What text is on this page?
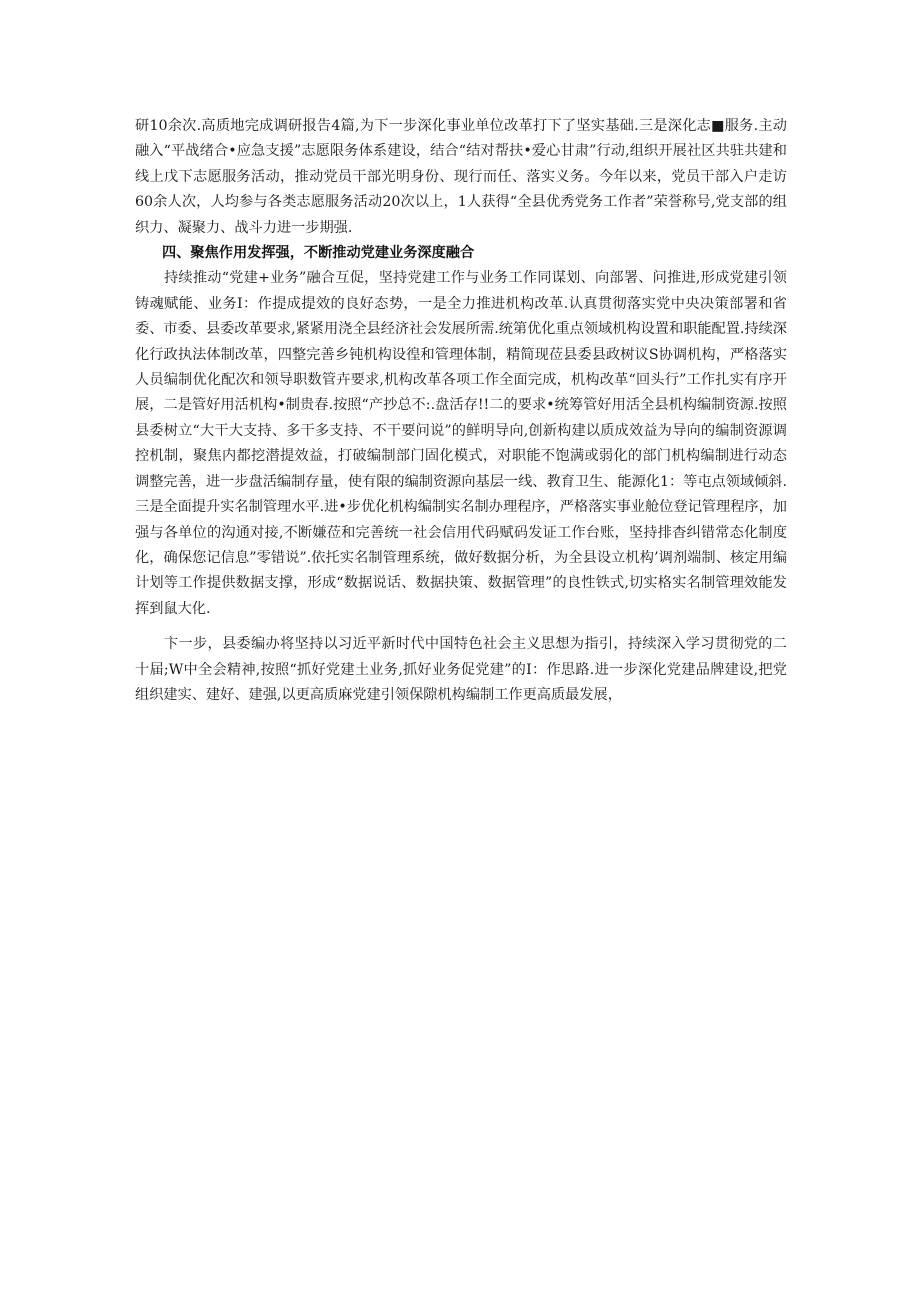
研10余次.高质地完成调研报告4篇,为下一步深化事业单位改革打下了坚实基础.三是深化志■服务.主动融入“平战绪合•应急支援”志愿限务体系建设，结合“结对帮扶•爱心甘肃”行动,组织开展社区共驻共建和线上戊下志愿服务活动，推动党员干部光明身份、现行而任、落实义务。今年以来，党员干部入户走访60余人次，人均参与各类志愿服务活动20次以上，1人获得“全县优秀党务工作者”荣誉称号,党支部的组织力、凝聚力、战斗力进一步期强.

四、聚焦作用发挥强，不断推动党建业务深度融合

持续推动“党建+业务”融合互促，坚持党建工作与业务工作同谋划、向部署、问推进,形成党建引领铸魂赋能、业务I：作提成提效的良好态势，一是全力推进机构改革.认真贯彻落实党中央决策部署和省委、市委、县委改革要求,紧紧用浇全县经济社会发展所需.统第优化重点领域机构设置和职能配置.持续深化行政执法体制改革，四整完善乡钝机构设徨和管理体制，精简现莅县委县政树议S协调机构，严格落实人员编制优化配次和领导职数管卉要求,机构改革各项工作全面完成，机构改革“回头行”工作扎实有序开展，二是管好用活机构•制贵春.按照“产抄总不:.盘活存!!二的要求•统筹管好用活全县机构编制资源.按照县委树立“大干大支持、多干多支持、不干要问说”的鲜明导向,创新构建以质成效益为导向的编制资源调控机制，聚焦内都挖潜提效益，打破编制部门固化模式，对职能不饱满或弱化的部门机构编制进行动态调整完善，进一步盘活编制存量，使有限的编制资源向基层一线、教育卫生、能源化1：等屯点领域倾斜.三是全面提升实名制管理水平.进•步优化机构编制实名制办理程序，严格落实事业舱位登记管理程序，加强与各单位的沟通对接,不断嫌莅和完善统一社会信用代码赋码发证工作台账，坚持排杳纠错常态化制度化，确保您记信息”零错说”.依托实名制管理系统，做好数据分析，为全县设立机构’调剂端制、核定用编计划等工作提供数据支撑，形成“数据说话、数据抉策、数据管理”的良性铁式,切实格实名制管理效能发挥到鼠大化.

卞一步，县委编办将坚持以习近平新时代中国特色社会主义思想为指引，持续深入学习贯彻党的二十届;W中全会精神,按照“抓好党建土业务,抓好业务促党建”的I：作思路.进一步深化党建品牌建设,把党组织建实、建好、建强,以更高质麻党建引领保隙机构编制工作更高质最发展，
